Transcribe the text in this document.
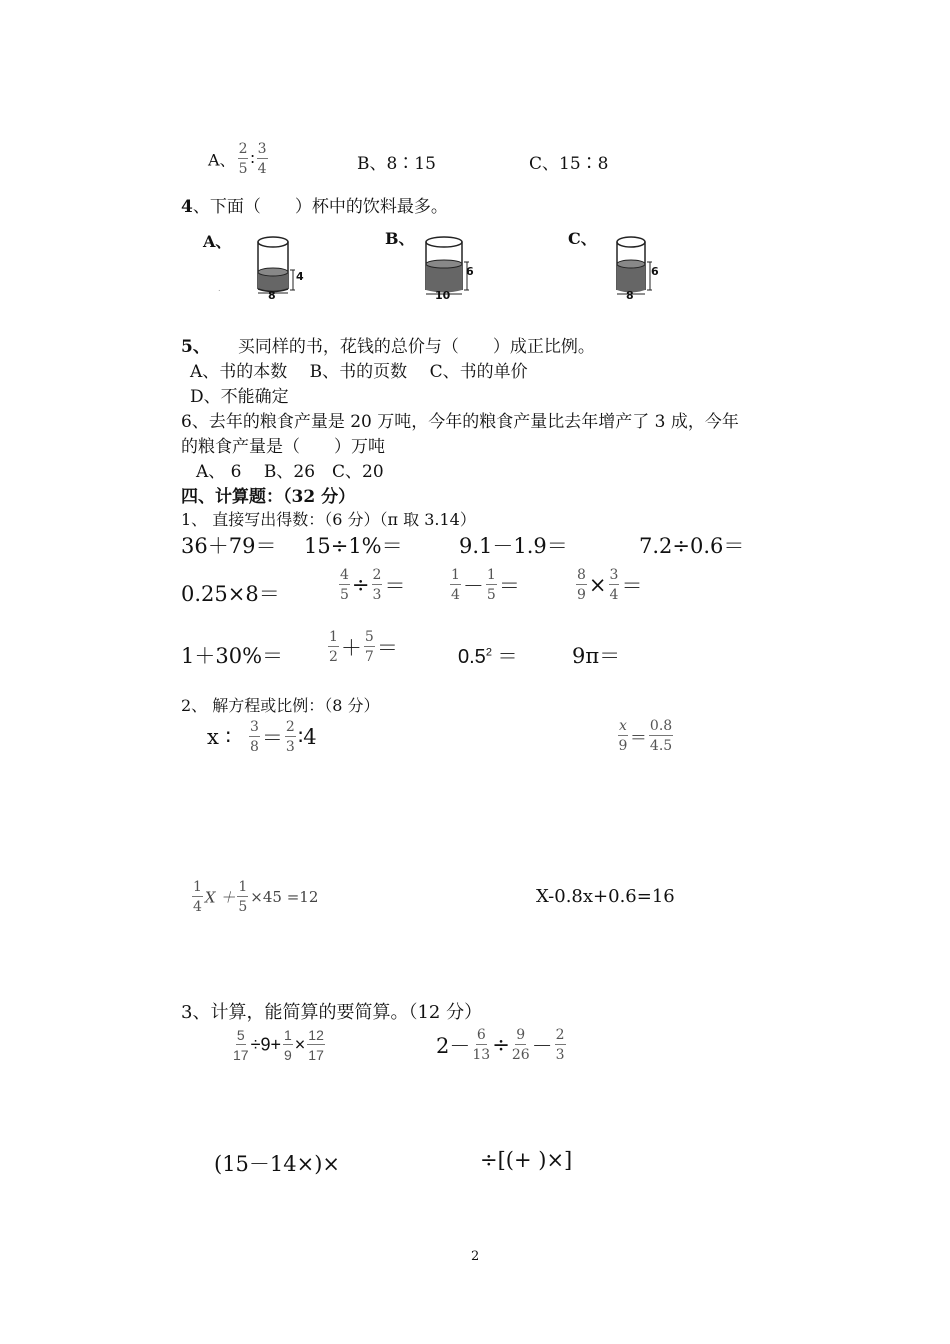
A、 $\frac{2}{5}$ ∶ $\frac{3}{4}$	B、8∶15	C、15∶8
4、下面（　　）杯中的饮料最多。
A、
4
8
.
B、
6
10
C、
6
8
5、 买同样的书，花钱的总价与（　　）成正比例。
A、书的本数　 B、书的页数　 C、书的单价
D、不能确定
6、去年的粮食产量是 20 万吨，今年的粮食产量比去年增产了 3 成，今年
的粮食产量是（　　）万吨
A、 6　 B、26　C、20
四、计算题：（32 分）
1、 直接写出得数：（6 分）（π 取 3.14）
36＋79＝ 15÷1%＝	9.1－1.9＝	7.2÷0.6＝
0.25×8＝	$\frac{4}{5} \div \frac{2}{3}$ ＝	$\frac{1}{4} - \frac{1}{5}$ ＝	$\frac{8}{9} \times \frac{3}{4}$ ＝
1＋30%＝	$\frac{1}{2} + \frac{5}{7}$ ＝	$0.5^2$ ＝	9π＝
2、 解方程或比例：（8 分）
x ∶ $\frac{3}{8} = \frac{2}{3}$ ∶4	$\frac{x}{9} = \frac{0.8}{4.5}$
$\frac{1}{4}$ $X + \frac{1}{5} \times 45 =12$	X-0.8x+0.6=16
3、计算，能简算的要简算。（12 分）
$\frac{5}{17} \div 9+ \frac{1}{9} \times \frac{12}{17}$	$2- \frac{6}{13} \div \frac{9}{26} - \frac{2}{3}$
(15－14×)×	÷[(+ )×]
2
